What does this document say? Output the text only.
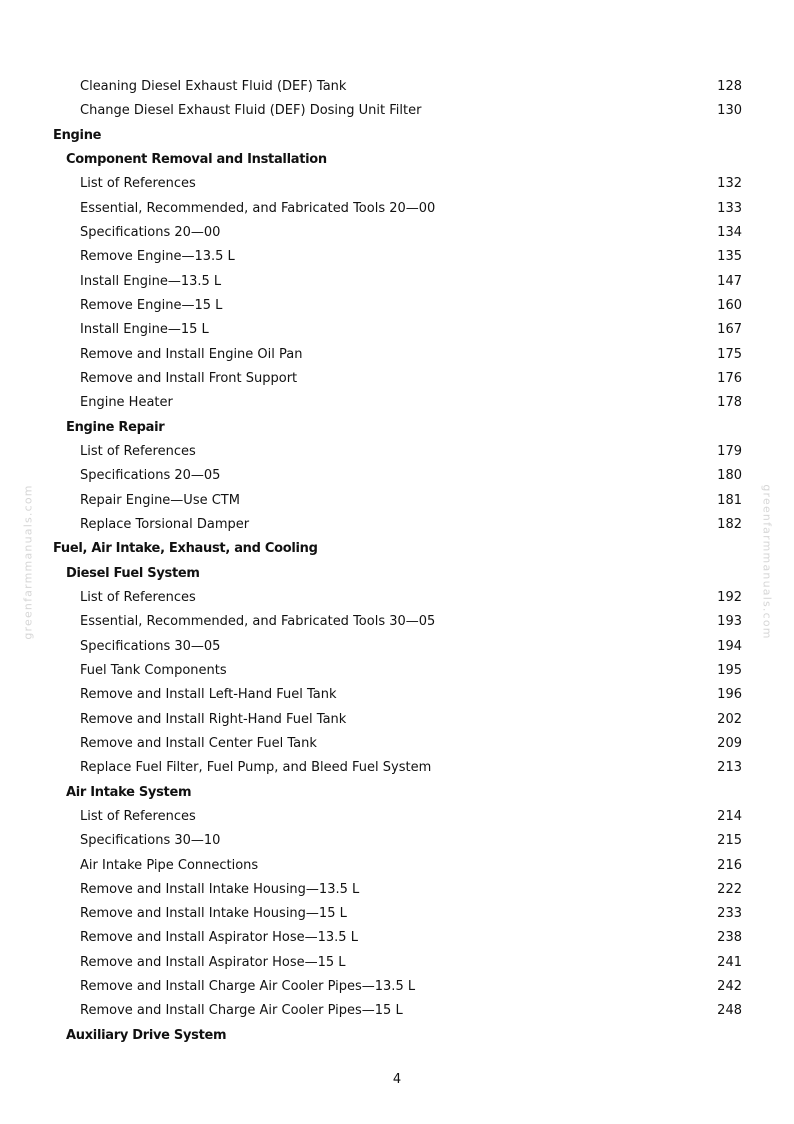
Cleaning Diesel Exhaust Fluid (DEF) Tank	128
Change Diesel Exhaust Fluid (DEF) Dosing Unit Filter	130
Engine
Component Removal and Installation
List of References	132
Essential, Recommended, and Fabricated Tools 20—00	133
Specifications 20—00	134
Remove Engine—13.5 L	135
Install Engine—13.5 L	147
Remove Engine—15 L	160
Install Engine—15 L	167
Remove and Install Engine Oil Pan	175
Remove and Install Front Support	176
Engine Heater	178
Engine Repair
List of References	179
Specifications 20—05	180
Repair Engine—Use CTM	181
Replace Torsional Damper	182
Fuel, Air Intake, Exhaust, and Cooling
Diesel Fuel System
List of References	192
Essential, Recommended, and Fabricated Tools 30—05	193
Specifications 30—05	194
Fuel Tank Components	195
Remove and Install Left-Hand Fuel Tank	196
Remove and Install Right-Hand Fuel Tank	202
Remove and Install Center Fuel Tank	209
Replace Fuel Filter, Fuel Pump, and Bleed Fuel System	213
Air Intake System
List of References	214
Specifications 30—10	215
Air Intake Pipe Connections	216
Remove and Install Intake Housing—13.5 L	222
Remove and Install Intake Housing—15 L	233
Remove and Install Aspirator Hose—13.5 L	238
Remove and Install Aspirator Hose—15 L	241
Remove and Install Charge Air Cooler Pipes—13.5 L	242
Remove and Install Charge Air Cooler Pipes—15 L	248
Auxiliary Drive System
greenfarmmanuals.com	greenfarmmanuals.com
4
